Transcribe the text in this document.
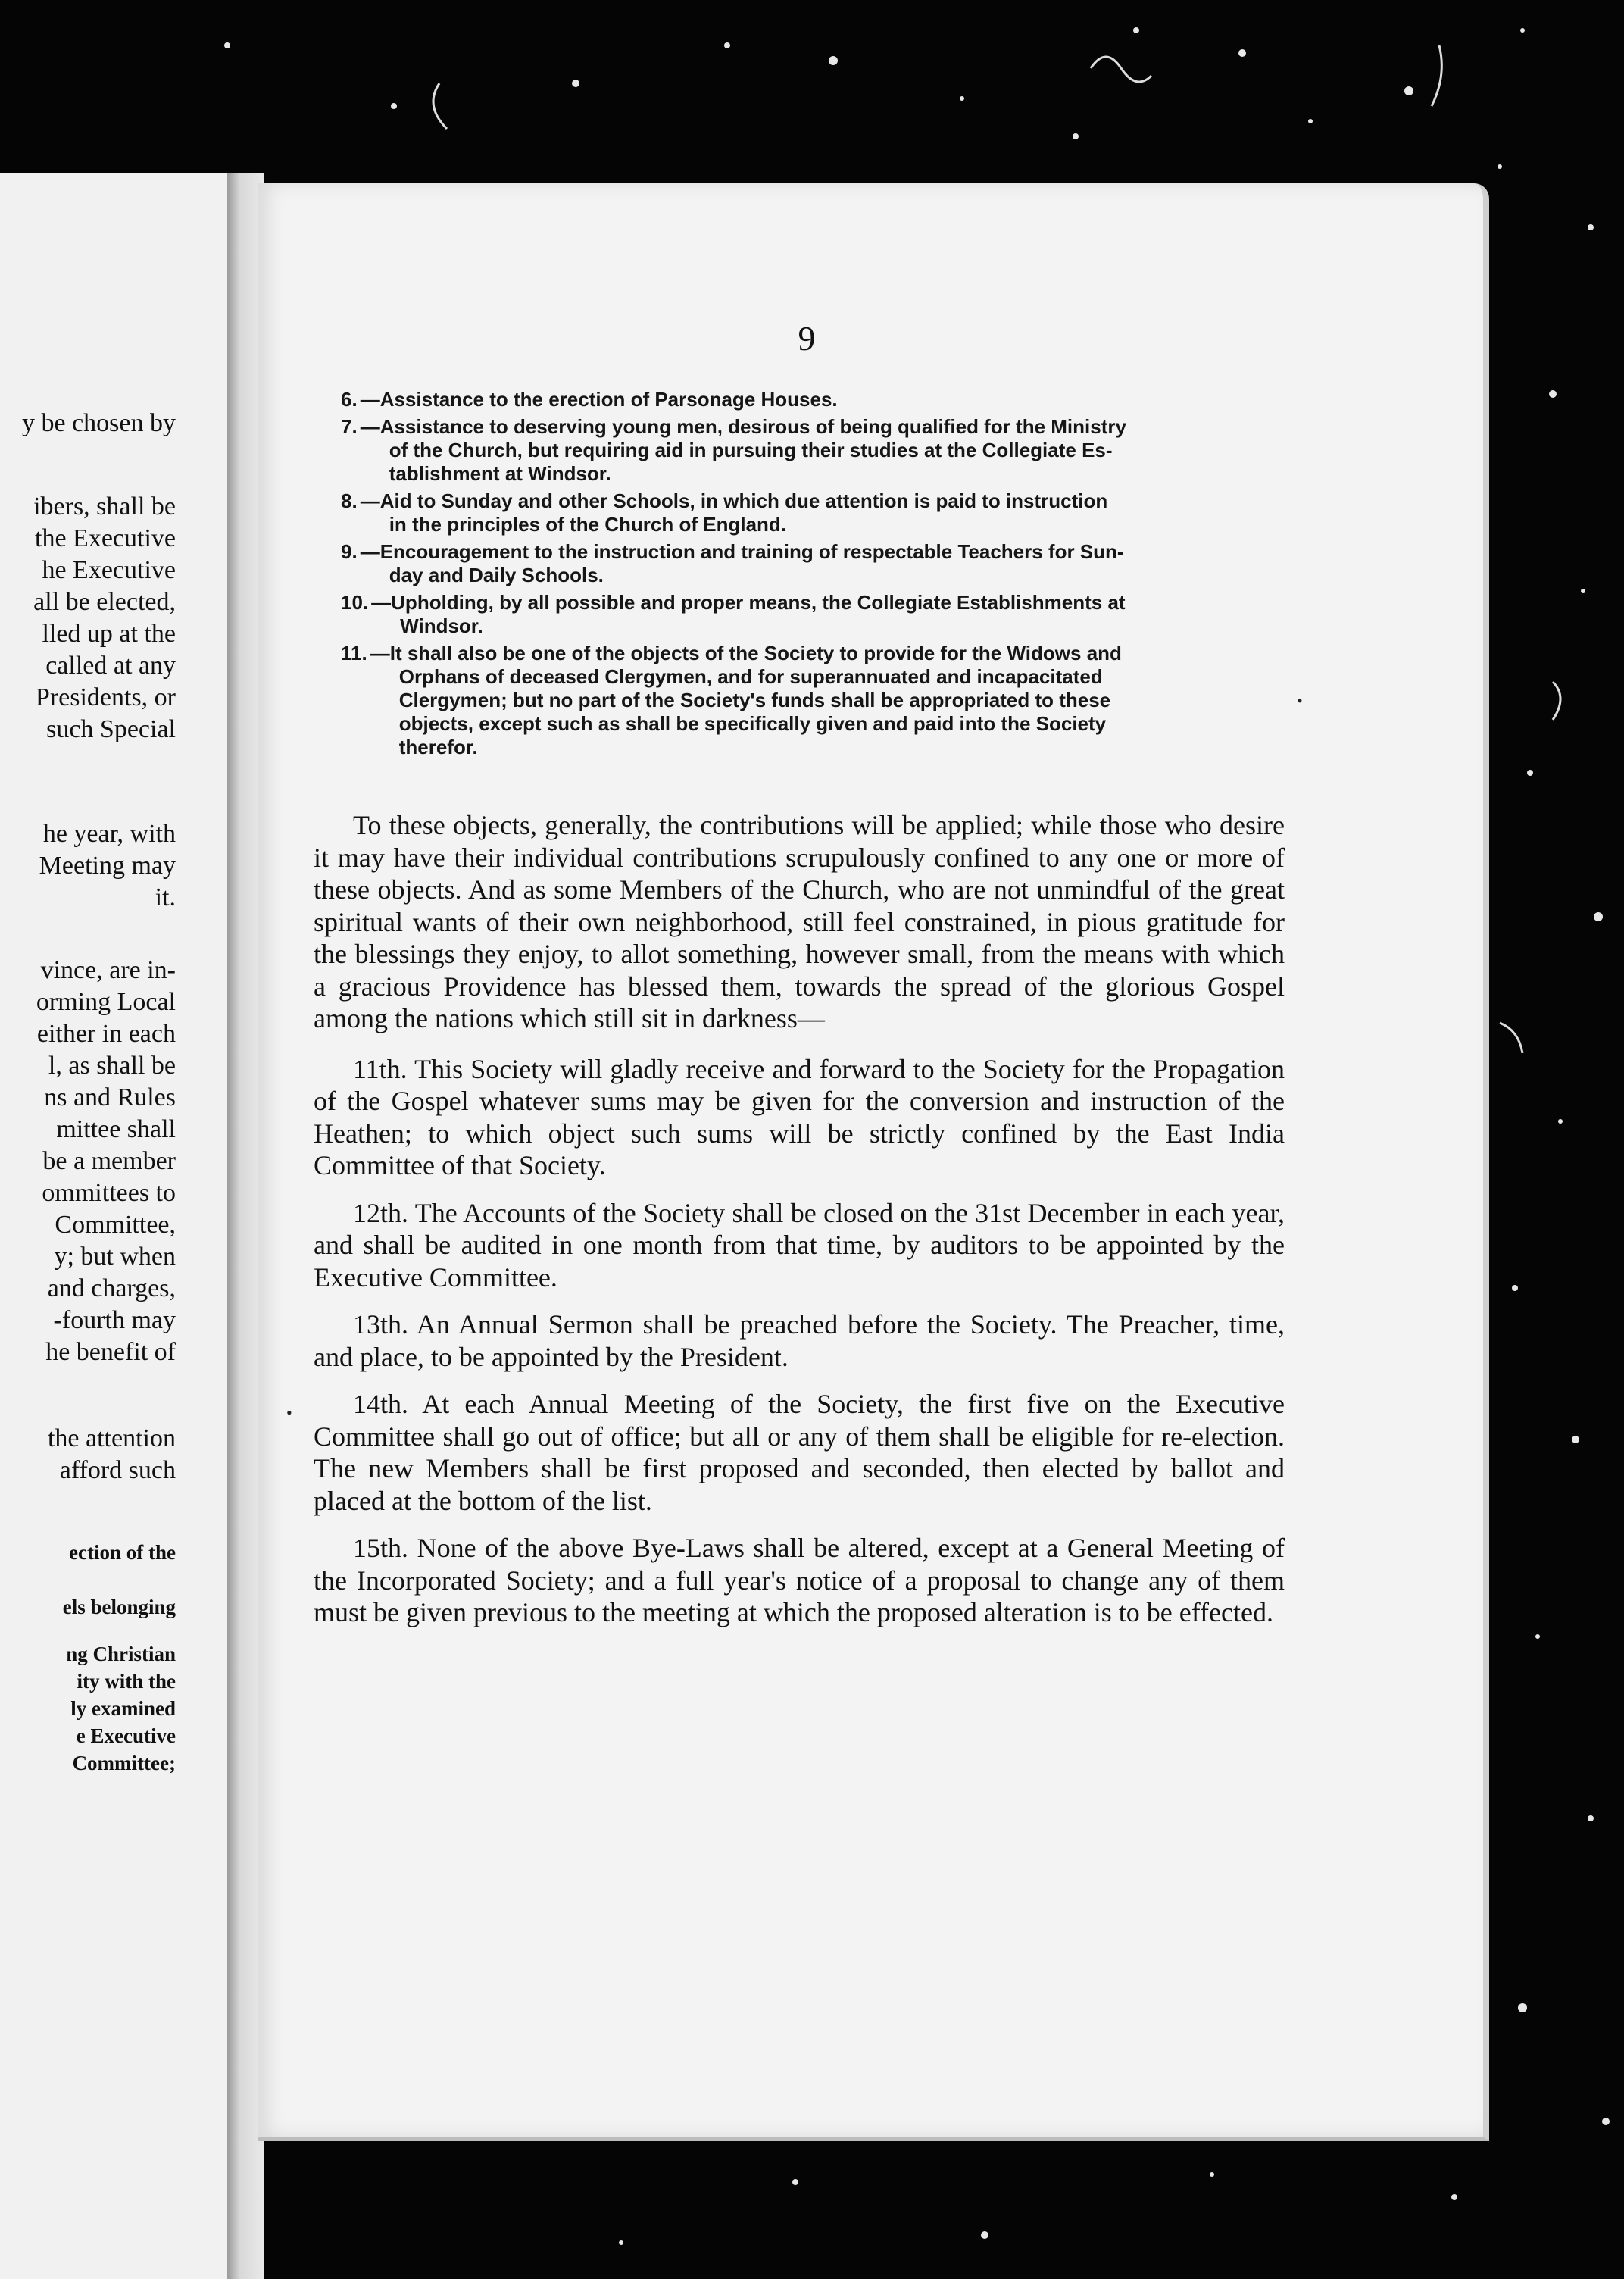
y be chosen by
ibers, shall be
the Executive
he Executive
all be elected,
lled up at the
called at any
Presidents, or
such Special
he year, with
Meeting may
it.
vince, are in-
orming Local
either in each
l, as shall be
ns and Rules
mittee shall
be a member
ommittees to
Committee,
y; but when
and charges,
-fourth may
he benefit of
the attention
afford such
ection of the
els belonging
ng Christian
ity with the
ly examined
e Executive
Committee;
9
6. —Assistance to the erection of Parsonage Houses.
7. —Assistance to deserving young men, desirous of being qualified for the Ministry
of the Church, but requiring aid in pursuing their studies at the Collegiate Es-
tablishment at Windsor.
8. —Aid to Sunday and other Schools, in which due attention is paid to instruction
in the principles of the Church of England.
9. —Encouragement to the instruction and training of respectable Teachers for Sun-
day and Daily Schools.
10. —Upholding, by all possible and proper means, the Collegiate Establishments at
Windsor.
11. —It shall also be one of the objects of the Society to provide for the Widows and
Orphans of deceased Clergymen, and for superannuated and incapacitated
Clergymen; but no part of the Society's funds shall be appropriated to these
objects, except such as shall be specifically given and paid into the Society
therefor.

To these objects, generally, the contributions will be applied; while those who desire it may have their individual contributions scrupulously confined to any one or more of these objects. And as some Members of the Church, who are not unmindful of the great spiritual wants of their own neighborhood, still feel constrained, in pious gratitude for the blessings they enjoy, to allot something, however small, from the means with which a gracious Providence has blessed them, towards the spread of the glorious Gospel among the nations which still sit in darkness—

11th. This Society will gladly receive and forward to the Society for the Propagation of the Gospel whatever sums may be given for the conversion and instruction of the Heathen; to which object such sums will be strictly confined by the East India Committee of that Society.

12th. The Accounts of the Society shall be closed on the 31st December in each year, and shall be audited in one month from that time, by auditors to be appointed by the Executive Committee.

13th. An Annual Sermon shall be preached before the Society. The Preacher, time, and place, to be appointed by the President.

14th. At each Annual Meeting of the Society, the first five on the Executive Committee shall go out of office; but all or any of them shall be eligible for re-election. The new Members shall be first proposed and seconded, then elected by ballot and placed at the bottom of the list.

15th. None of the above Bye-Laws shall be altered, except at a General Meeting of the Incorporated Society; and a full year's notice of a proposal to change any of them must be given previous to the meeting at which the proposed alteration is to be effected.

•
•
